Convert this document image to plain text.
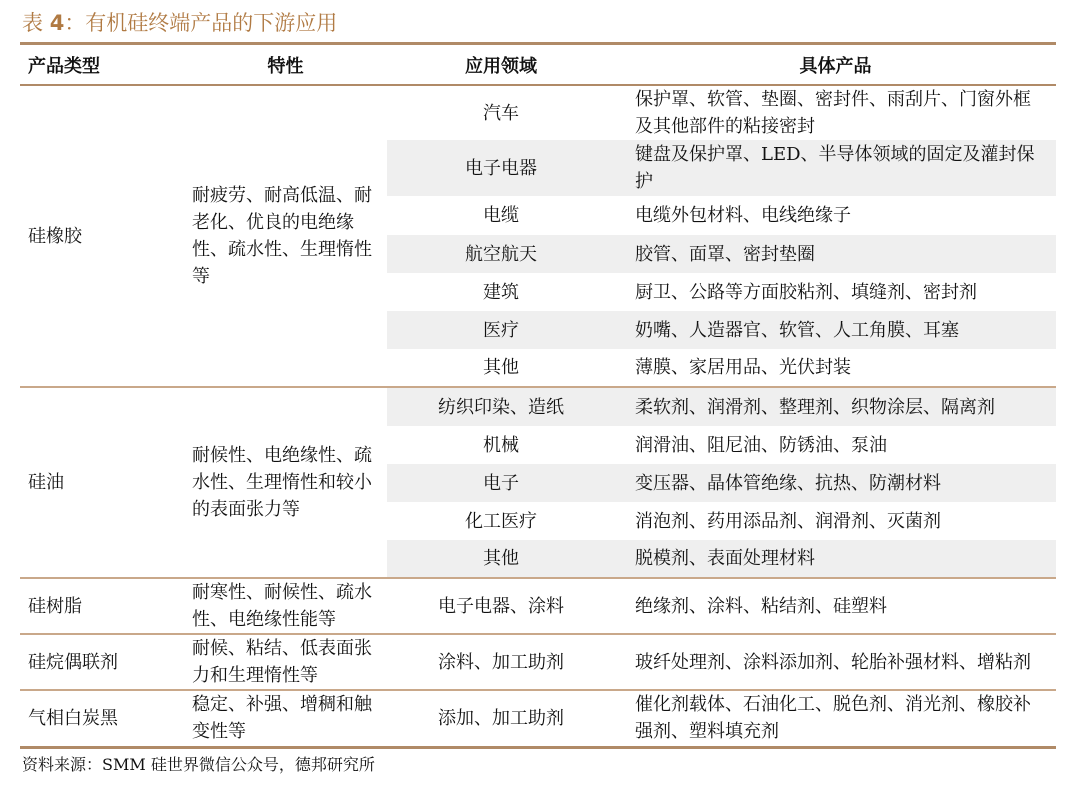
表 4：有机硅终端产品的下游应用
产品类型	特性	应用领域	具体产品
硅橡胶	耐疲劳、耐高低温、耐老化、优良的电绝缘性、疏水性、生理惰性等	汽车	保护罩、软管、垫圈、密封件、雨刮片、门窗外框及其他部件的粘接密封
		电子电器	键盘及保护罩、LED、半导体领域的固定及灌封保护
		电缆	电缆外包材料、电线绝缘子
		航空航天	胶管、面罩、密封垫圈
		建筑	厨卫、公路等方面胶粘剂、填缝剂、密封剂
		医疗	奶嘴、人造器官、软管、人工角膜、耳塞
		其他	薄膜、家居用品、光伏封装
硅油	耐候性、电绝缘性、疏水性、生理惰性和较小的表面张力等	纺织印染、造纸	柔软剂、润滑剂、整理剂、织物涂层、隔离剂
		机械	润滑油、阻尼油、防锈油、泵油
		电子	变压器、晶体管绝缘、抗热、防潮材料
		化工医疗	消泡剂、药用添品剂、润滑剂、灭菌剂
		其他	脱模剂、表面处理材料
硅树脂	耐寒性、耐候性、疏水性、电绝缘性能等	电子电器、涂料	绝缘剂、涂料、粘结剂、硅塑料
硅烷偶联剂	耐候、粘结、低表面张力和生理惰性等	涂料、加工助剂	玻纤处理剂、涂料添加剂、轮胎补强材料、增粘剂
气相白炭黑	稳定、补强、增稠和触变性等	添加、加工助剂	催化剂载体、石油化工、脱色剂、消光剂、橡胶补强剂、塑料填充剂
资料来源：SMM 硅世界微信公众号，德邦研究所
